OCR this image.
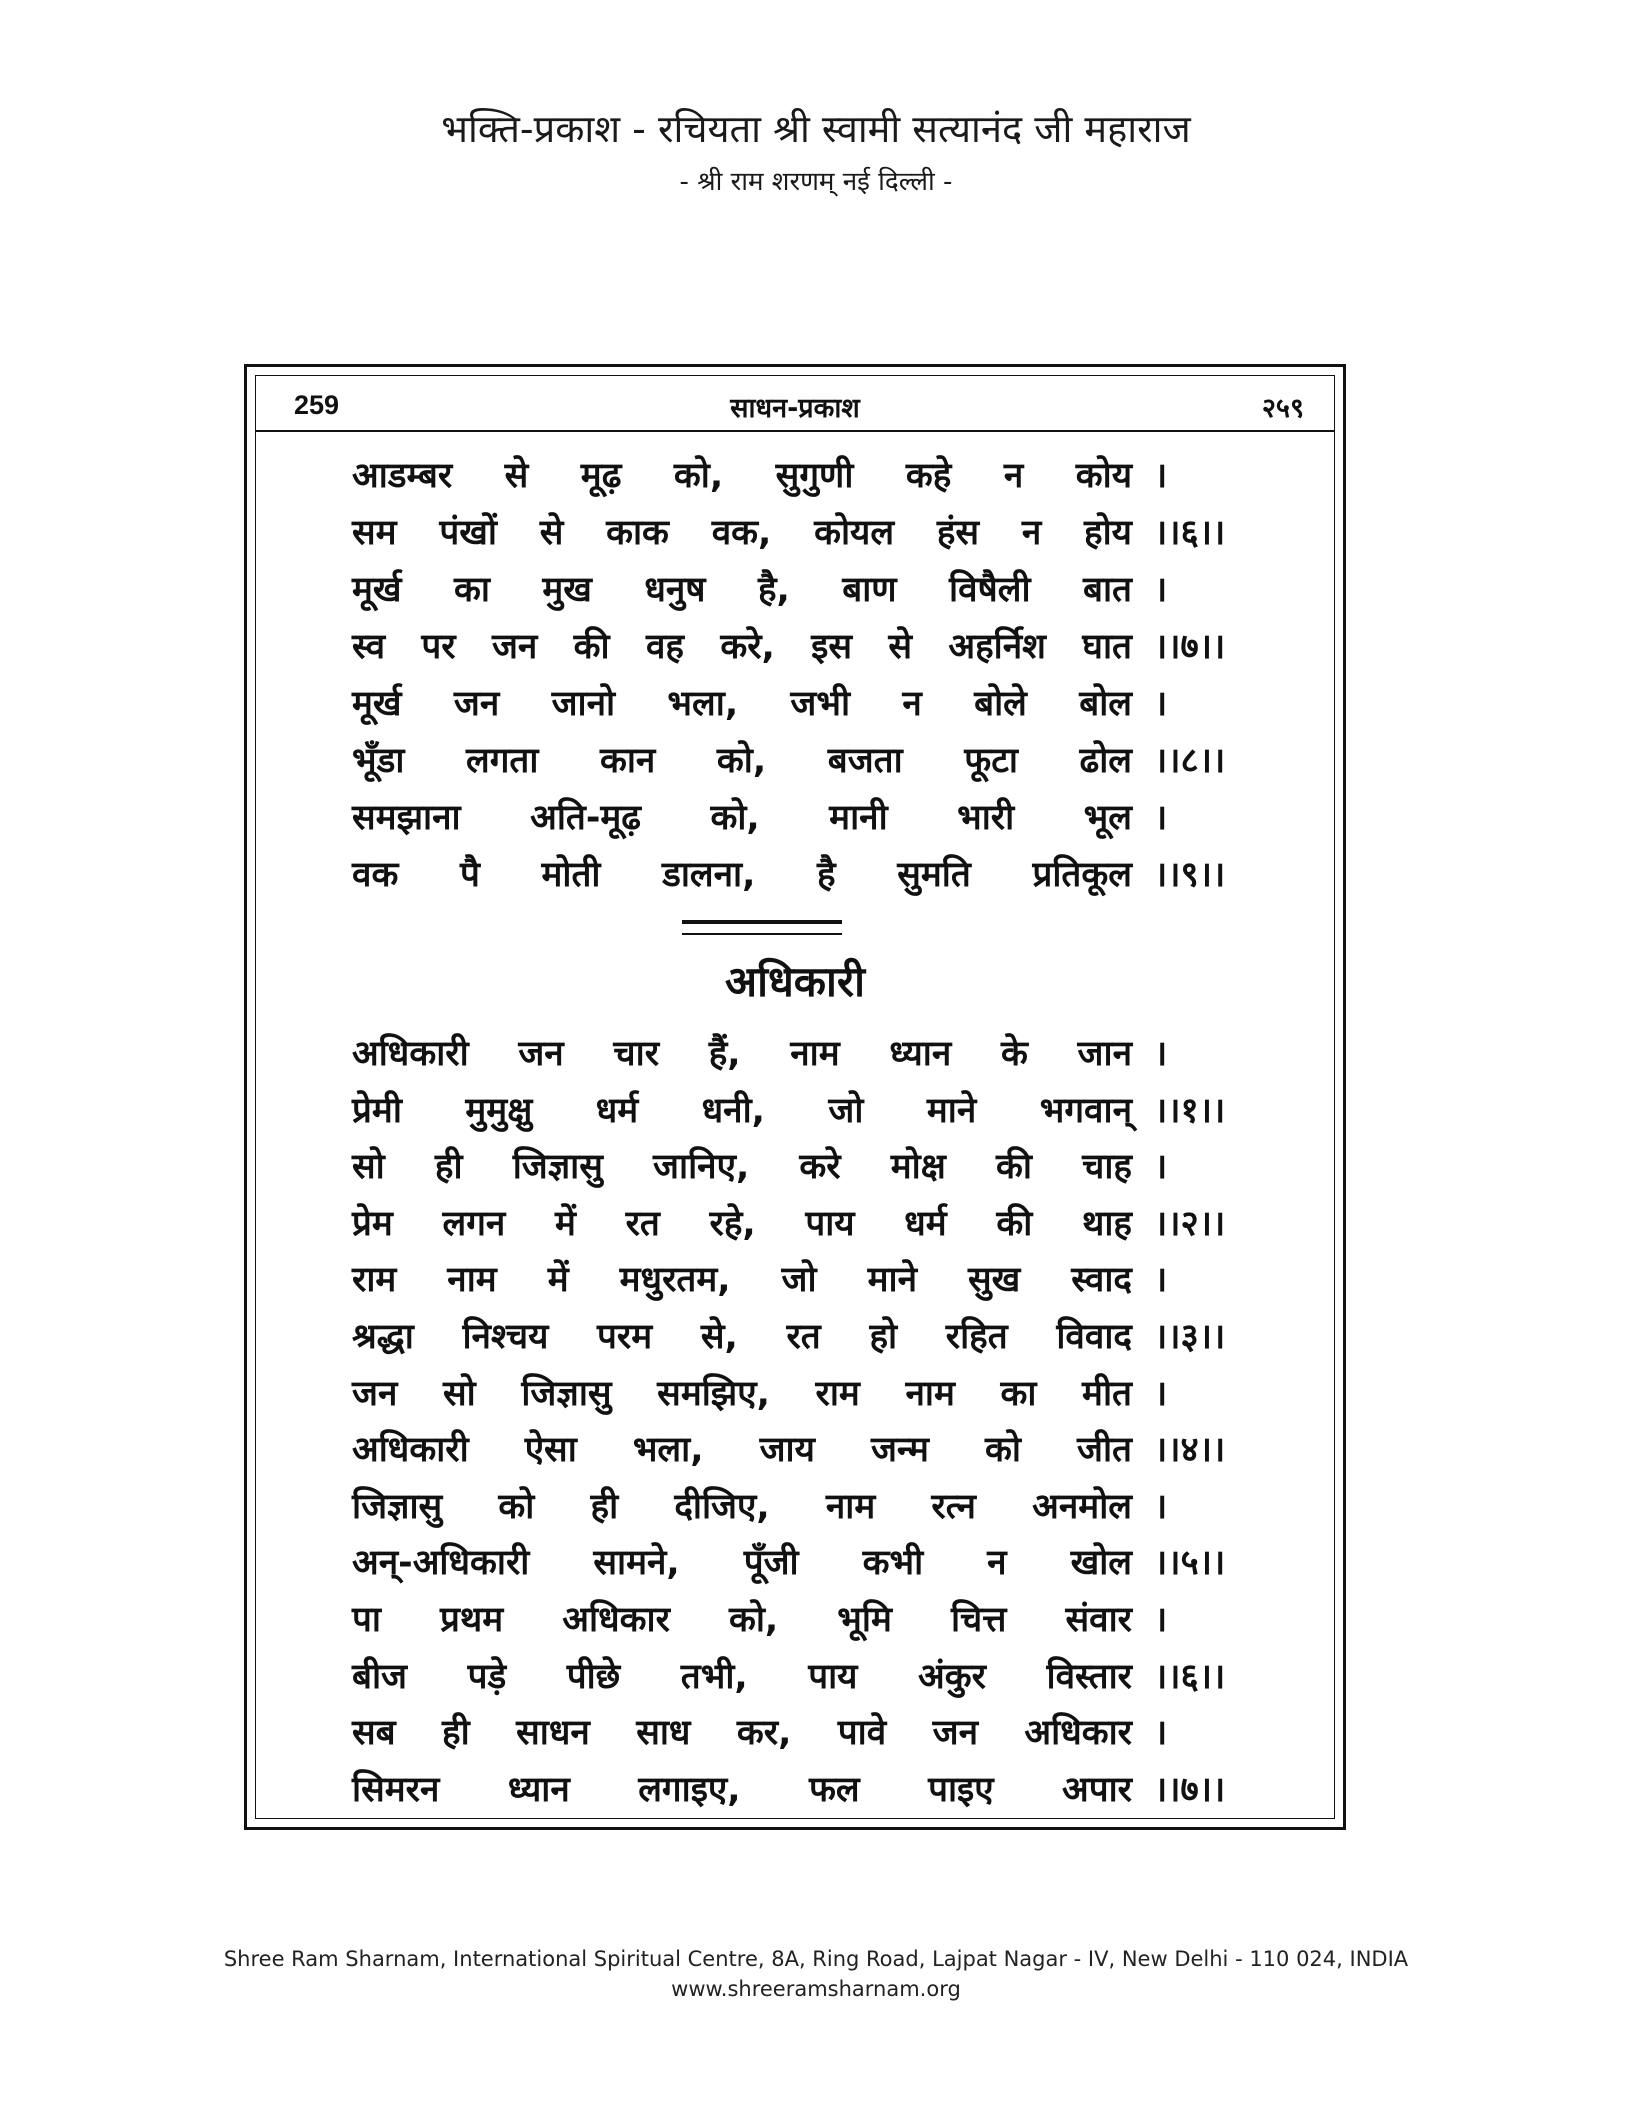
भक्ति-प्रकाश - रचियता श्री स्वामी सत्यानंद जी महाराज
- श्री राम शरणम् नई दिल्ली -
259	साधन-प्रकाश	२५९
आडम्बर से मूढ़ को, सुगुणी कहे न कोय ।
सम पंखों से काक वक, कोयल हंस न होय ।।६।।
मूर्ख का मुख धनुष है, बाण विषैली बात ।
स्व पर जन की वह करे, इस से अहर्निश घात ।।७।।
मूर्ख जन जानो भला, जभी न बोले बोल ।
भूँडा लगता कान को, बजता फूटा ढोल ।।८।।
समझाना अति-मूढ़ को, मानी भारी भूल ।
वक पै मोती डालना, है सुमति प्रतिकूल ।।९।।
अधिकारी
अधिकारी जन चार हैं, नाम ध्यान के जान ।
प्रेमी मुमुक्षु धर्म धनी, जो माने भगवान् ।।१।।
सो ही जिज्ञासु जानिए, करे मोक्ष की चाह ।
प्रेम लगन में रत रहे, पाय धर्म की थाह ।।२।।
राम नाम में मधुरतम, जो माने सुख स्वाद ।
श्रद्धा निश्चय परम से, रत हो रहित विवाद ।।३।।
जन सो जिज्ञासु समझिए, राम नाम का मीत ।
अधिकारी ऐसा भला, जाय जन्म को जीत ।।४।।
जिज्ञासु को ही दीजिए, नाम रत्न अनमोल ।
अन्-अधिकारी सामने, पूँजी कभी न खोल ।।५।।
पा प्रथम अधिकार को, भूमि चित्त संवार ।
बीज पड़े पीछे तभी, पाय अंकुर विस्तार ।।६।।
सब ही साधन साध कर, पावे जन अधिकार ।
सिमरन ध्यान लगाइए, फल पाइए अपार ।।७।।
Shree Ram Sharnam, International Spiritual Centre, 8A, Ring Road, Lajpat Nagar - IV, New Delhi - 110 024, INDIA
www.shreeramsharnam.org
